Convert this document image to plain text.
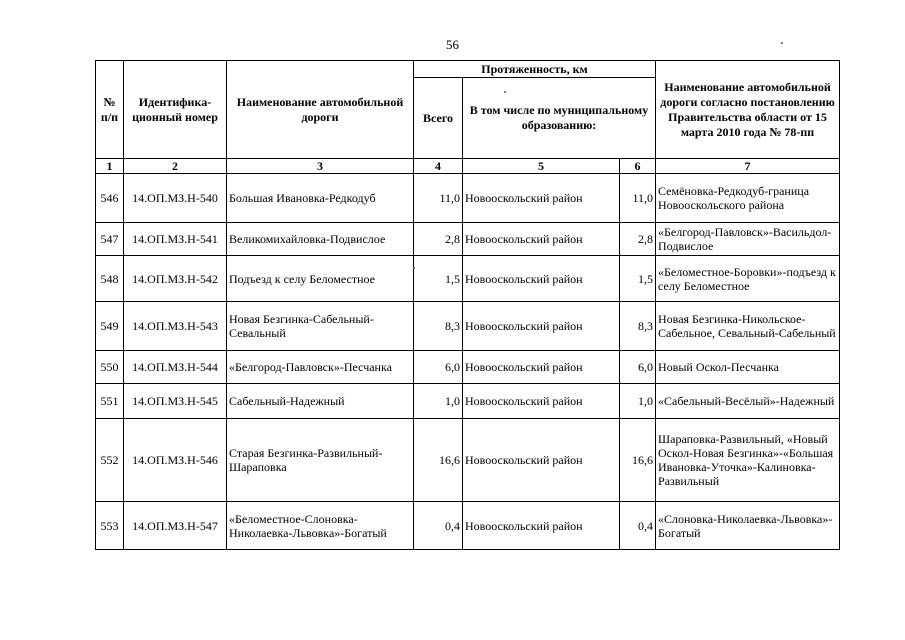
56
№ п/п	Идентифика-ционный номер	Наименование автомобильной дороги	Протяженность, км			Наименование автомобильной дороги согласно постановлению Правительства области от 15 марта 2010 года № 78-пп
			Всего	В том числе по муниципальному образованию:		
1	2	3	4	5	6	7
546	14.ОП.МЗ.Н-540	Большая Ивановка-Редкодуб	11,0	Новооскольский район	11,0	Семёновка-Редкодуб-граница Новооскольского района
547	14.ОП.МЗ.Н-541	Великомихайловка-Подвислое	2,8	Новооскольский район	2,8	«Белгород-Павловск»-Васильдол-Подвислое
548	14.ОП.МЗ.Н-542	Подъезд к селу Беломестное	1,5	Новооскольский район	1,5	«Беломестное-Боровки»-подъезд к селу Беломестное
549	14.ОП.МЗ.Н-543	Новая Безгинка-Сабельный-Севальный	8,3	Новооскольский район	8,3	Новая Безгинка-Никольское-Сабельное, Севальный-Сабельный
550	14.ОП.МЗ.Н-544	«Белгород-Павловск»-Песчанка	6,0	Новооскольский район	6,0	Новый Оскол-Песчанка
551	14.ОП.МЗ.Н-545	Сабельный-Надежный	1,0	Новооскольский район	1,0	«Сабельный-Весёлый»-Надежный
552	14.ОП.МЗ.Н-546	Старая Безгинка-Развильный-Шараповка	16,6	Новооскольский район	16,6	Шараповка-Развильный, «Новый Оскол-Новая Безгинка»-«Большая Ивановка-Уточка»-Калиновка-Развильный
553	14.ОП.МЗ.Н-547	«Беломестное-Слоновка-Николаевка-Львовка»-Богатый	0,4	Новооскольский район	0,4	«Слоновка-Николаевка-Львовка»-Богатый
